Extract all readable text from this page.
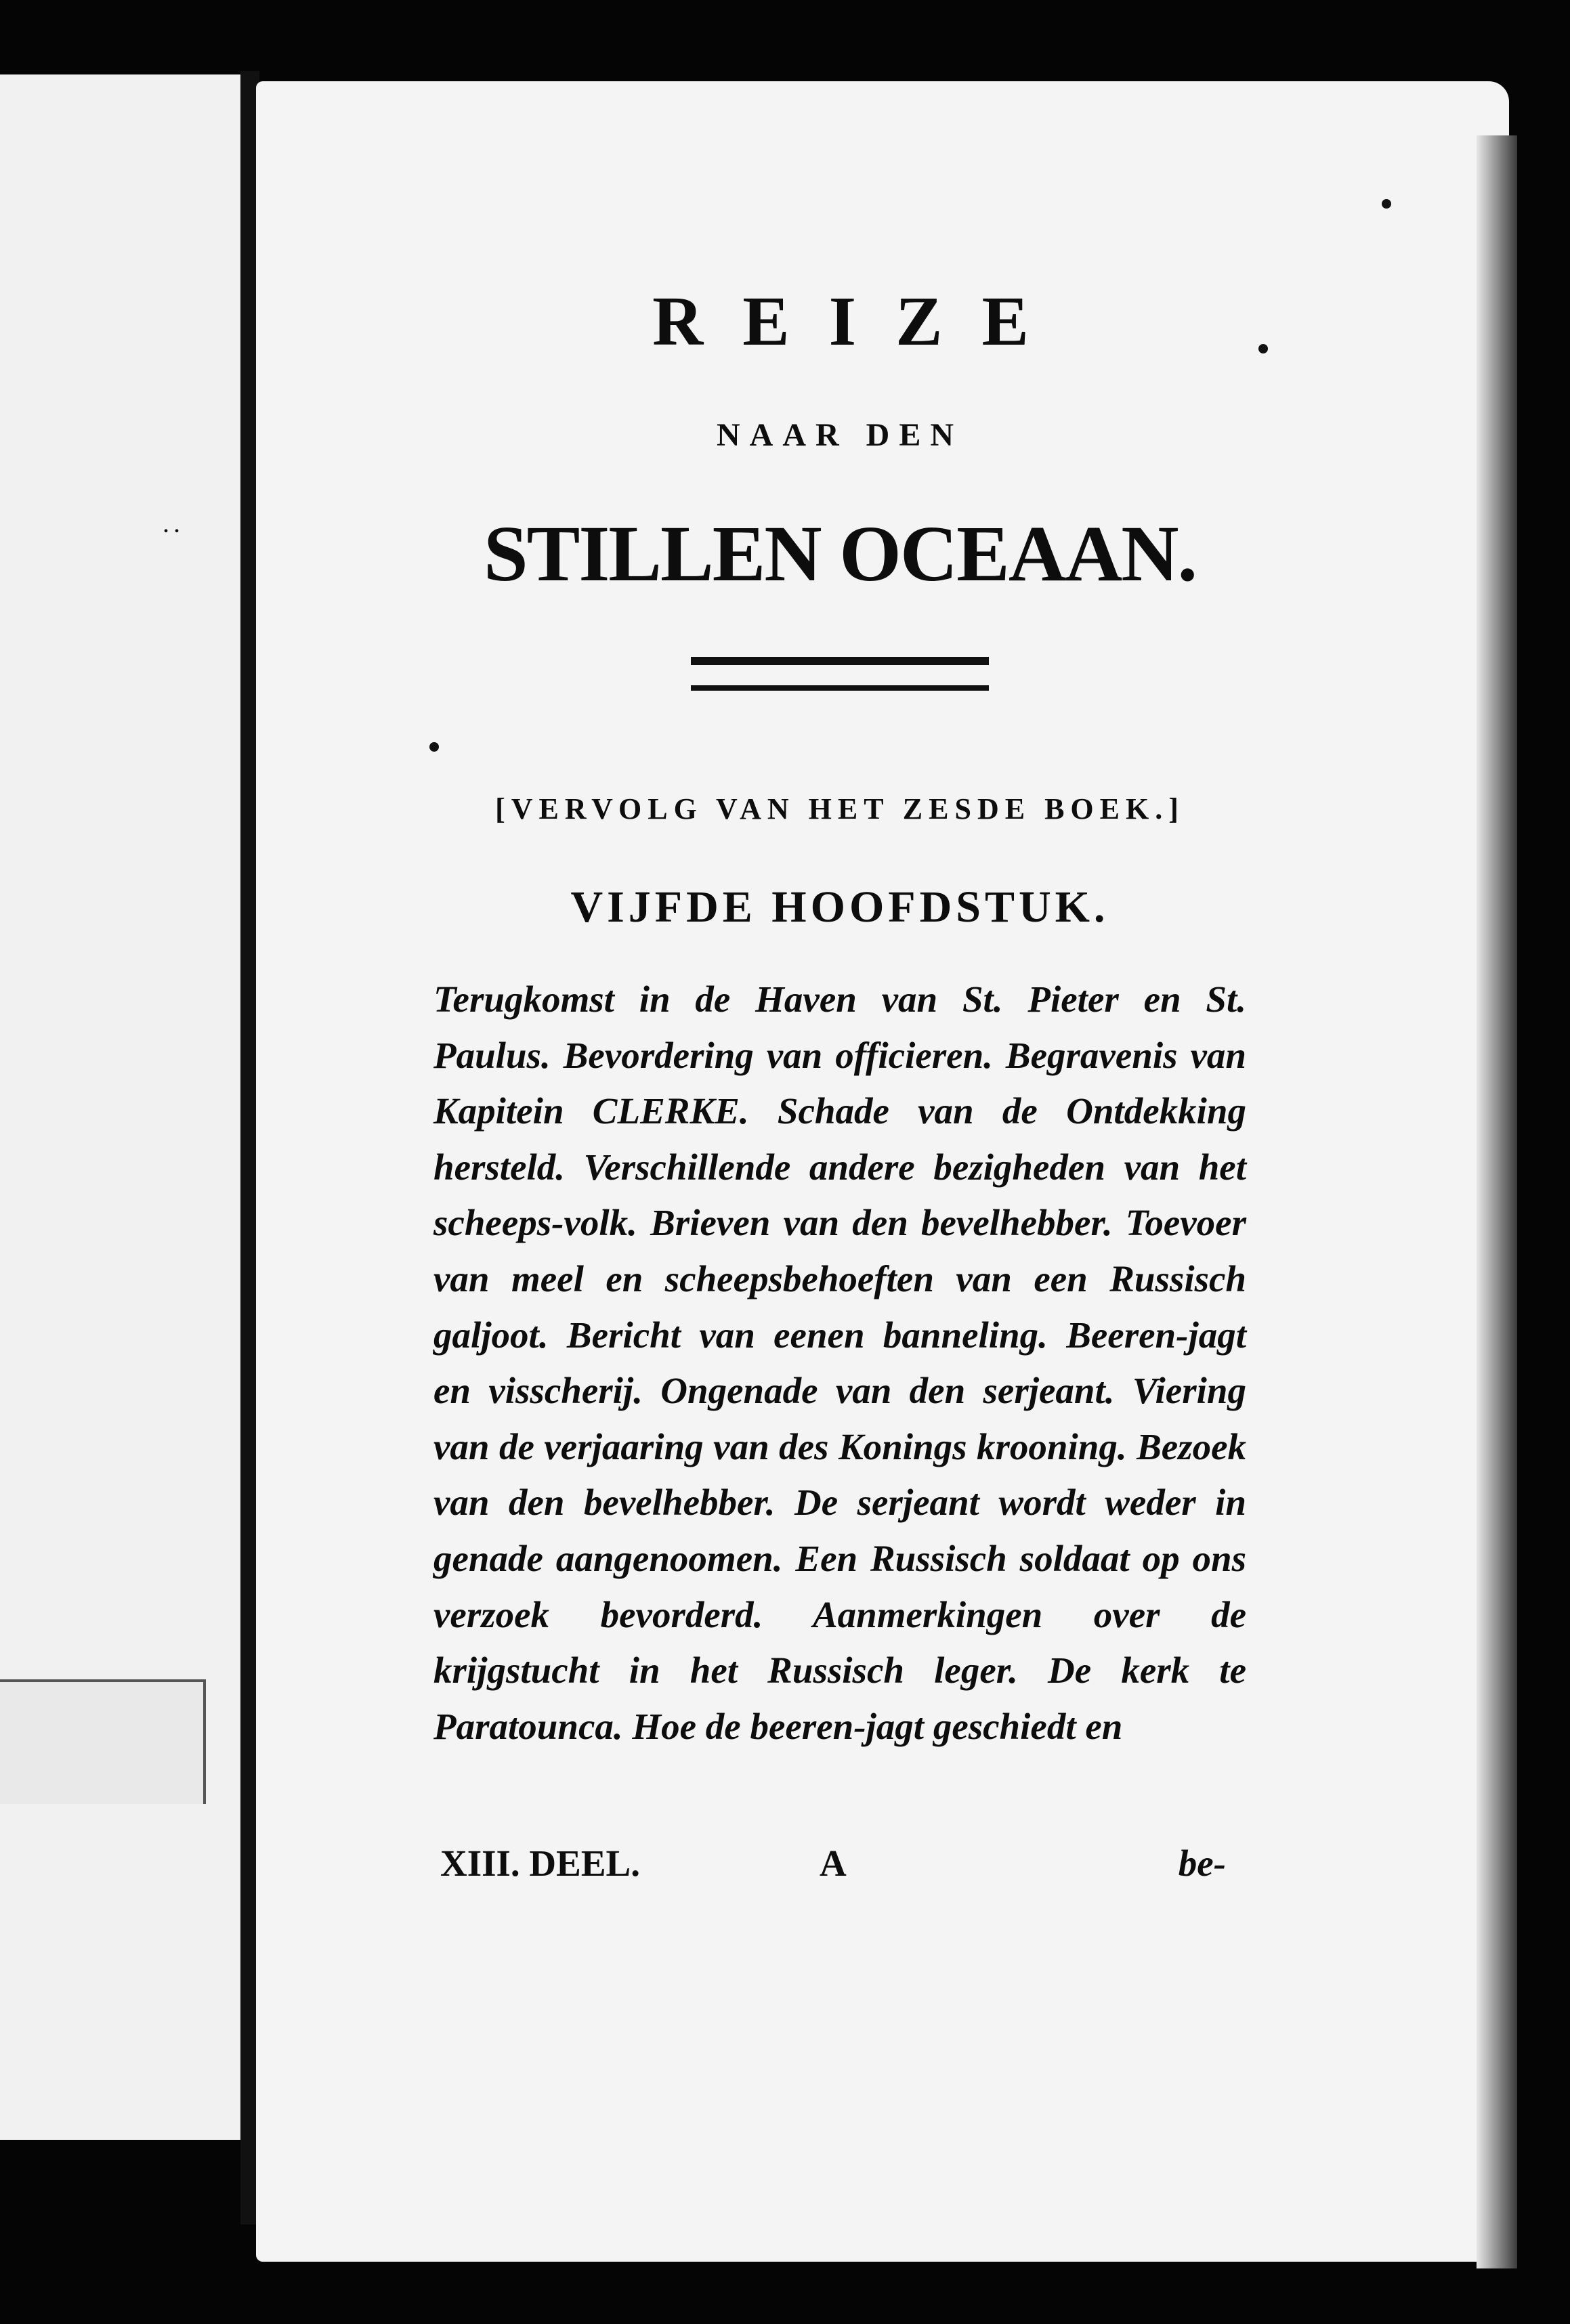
∙∙
REIZE
NAAR DEN
STILLEN OCEAAN.
[VERVOLG VAN HET ZESDE BOEK.]
VIJFDE HOOFDSTUK.
Terugkomst in de Haven van St. Pieter en St. Paulus. Bevordering van officieren. Begravenis van Kapitein CLERKE. Schade van de Ontdekking hersteld. Verschillende andere bezigheden van het scheeps-volk. Brieven van den bevelhebber. Toevoer van meel en scheepsbehoeften van een Russisch galjoot. Bericht van eenen banneling. Beeren-jagt en visscherij. Ongenade van den serjeant. Viering van de verjaaring van des Konings krooning. Bezoek van den bevelhebber. De serjeant wordt weder in genade aangenoomen. Een Russisch soldaat op ons verzoek bevorderd. Aanmerkingen over de krijgstucht in het Russisch leger. De kerk te Paratounca. Hoe de beeren-jagt geschiedt en
XIII. DEEL.	A	be-
